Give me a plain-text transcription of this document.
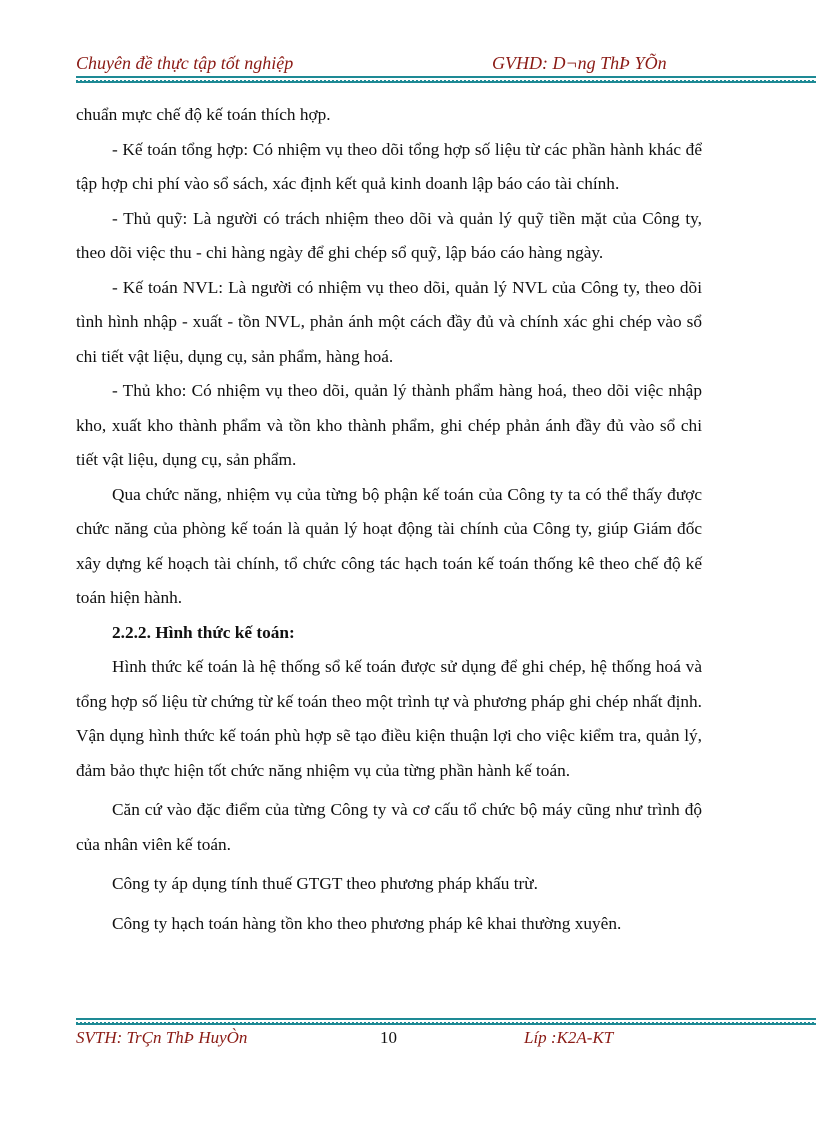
Chuyên đề thực tập tốt nghiệp	GVHD: D¬ng ThÞ YÕn

chuẩn mực chế độ kế toán thích hợp.

- Kế toán tổng hợp: Có nhiệm vụ theo dõi tổng hợp số liệu từ các phần hành khác để tập hợp chi phí vào sổ sách, xác định kết quả kinh doanh lập báo cáo tài chính.

- Thủ quỹ: Là người có trách nhiệm theo dõi và quản lý quỹ tiền mặt của Công ty, theo dõi việc thu - chi hàng ngày để ghi chép sổ quỹ, lập báo cáo hàng ngày.

- Kế toán NVL: Là người có nhiệm vụ theo dõi, quản lý NVL của Công ty, theo dõi tình hình nhập - xuất - tồn NVL, phản ánh một cách đầy đủ và chính xác ghi chép vào sổ chi tiết vật liệu, dụng cụ, sản phẩm, hàng hoá.

- Thủ kho: Có nhiệm vụ theo dõi, quản lý thành phẩm hàng hoá, theo dõi việc nhập kho, xuất kho thành phẩm và tồn kho thành phẩm, ghi chép phản ánh đầy đủ vào sổ chi tiết vật liệu, dụng cụ, sản phẩm.

Qua chức năng, nhiệm vụ của từng bộ phận kế toán của Công ty ta có thể thấy được chức năng của phòng kế toán là quản lý hoạt động tài chính của Công ty, giúp Giám đốc xây dựng kế hoạch tài chính, tổ chức công tác hạch toán kế toán thống kê theo chế độ kế toán hiện hành.

2.2.2. Hình thức kế toán:

Hình thức kế toán là hệ thống sổ kế toán được sử dụng để ghi chép, hệ thống hoá và tổng hợp số liệu từ chứng từ kế toán theo một trình tự và phương pháp ghi chép nhất định. Vận dụng hình thức kế toán phù hợp sẽ tạo điều kiện thuận lợi cho việc kiểm tra, quản lý, đảm bảo thực hiện tốt chức năng nhiệm vụ của từng phần hành kế toán.

Căn cứ vào đặc điểm của từng Công ty và cơ cấu tổ chức bộ máy cũng như trình độ của nhân viên kế toán.

Công ty áp dụng tính thuế GTGT theo phương pháp khấu trừ.

Công ty hạch toán hàng tồn kho theo phương pháp kê khai thường xuyên.

SVTH: TrÇn ThÞ HuyÒn	10	Líp :K2A-KT
